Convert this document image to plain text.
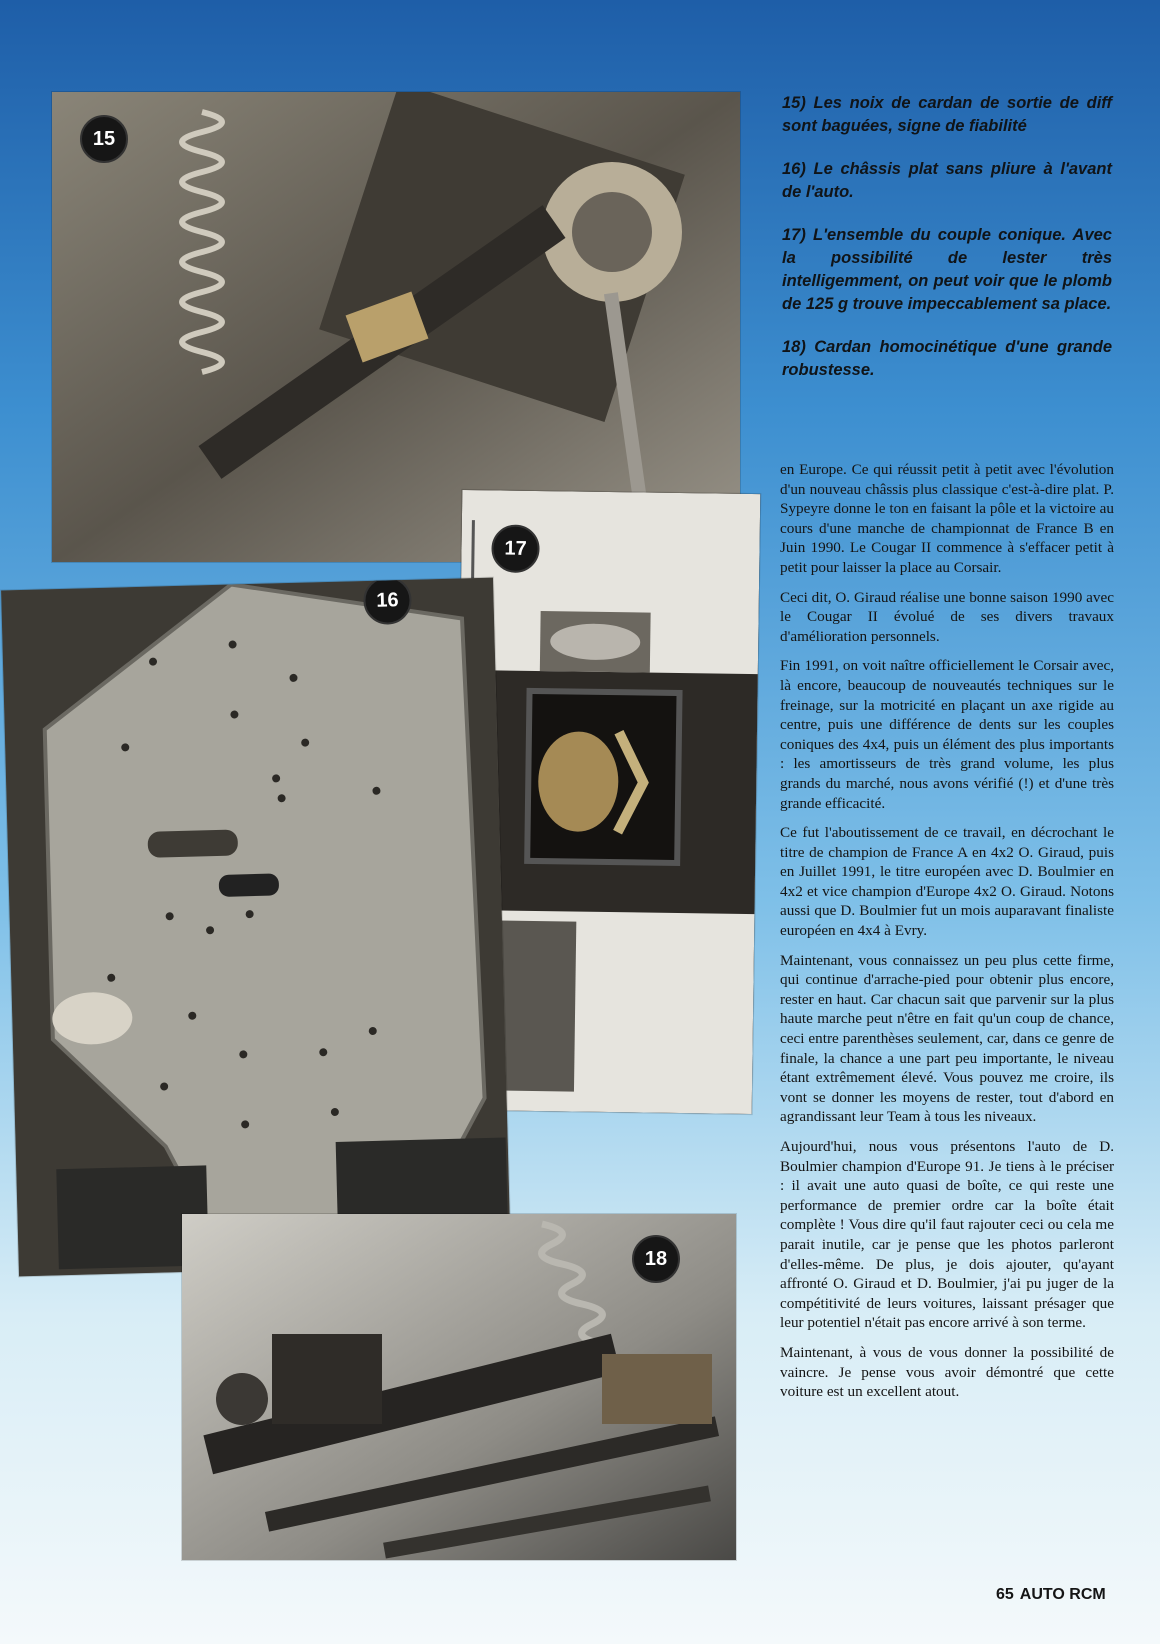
15
17
16
18

15) Les noix de cardan de sortie de diff sont baguées, signe de fiabilité

16) Le châssis plat sans pliure à l'avant de l'auto.

17) L'ensemble du couple conique. Avec la possibilité de lester très intelligemment, on peut voir que le plomb de 125 g trouve impeccablement sa place.

18) Cardan homocinétique d'une grande robustesse.

en Europe. Ce qui réussit petit à petit avec l'évolution d'un nouveau châssis plus classique c'est-à-dire plat. P. Sypeyre donne le ton en faisant la pôle et la victoire au cours d'une manche de championnat de France B en Juin 1990. Le Cougar II commence à s'effacer petit à petit pour laisser la place au Corsair.

Ceci dit, O. Giraud réalise une bonne saison 1990 avec le Cougar II évolué de ses divers travaux d'amélioration personnels.

Fin 1991, on voit naître officiellement le Corsair avec, là encore, beaucoup de nouveautés techniques sur le freinage, sur la motricité en plaçant un axe rigide au centre, puis une différence de dents sur les couples coniques des 4x4, puis un élément des plus importants : les amortisseurs de très grand volume, les plus grands du marché, nous avons vérifié (!) et d'une très grande efficacité.

Ce fut l'aboutissement de ce travail, en décrochant le titre de champion de France A en 4x2 O. Giraud, puis en Juillet 1991, le titre européen avec D. Boulmier en 4x2 et vice champion d'Europe 4x2 O. Giraud. Notons aussi que D. Boulmier fut un mois auparavant finaliste européen en 4x4 à Evry.

Maintenant, vous connaissez un peu plus cette firme, qui continue d'arrache-pied pour obtenir plus encore, rester en haut. Car chacun sait que parvenir sur la plus haute marche peut n'être en fait qu'un coup de chance, ceci entre parenthèses seulement, car, dans ce genre de finale, la chance a une part peu importante, le niveau étant extrêmement élevé. Vous pouvez me croire, ils vont se donner les moyens de rester, tout d'abord en agrandissant leur Team à tous les niveaux.

Aujourd'hui, nous vous présentons l'auto de D. Boulmier champion d'Europe 91. Je tiens à le préciser : il avait une auto quasi de boîte, ce qui reste une performance de premier ordre car la boîte était complète ! Vous dire qu'il faut rajouter ceci ou cela me parait inutile, car je pense que les photos parleront d'elles-même. De plus, je dois ajouter, qu'ayant affronté O. Giraud et D. Boulmier, j'ai pu juger de la compétitivité de leurs voitures, laissant présager que leur potentiel n'était pas encore arrivé à son terme.

Maintenant, à vous de vous donner la possibilité de vaincre. Je pense vous avoir démontré que cette voiture est un excellent atout.

65 AUTO RCM
